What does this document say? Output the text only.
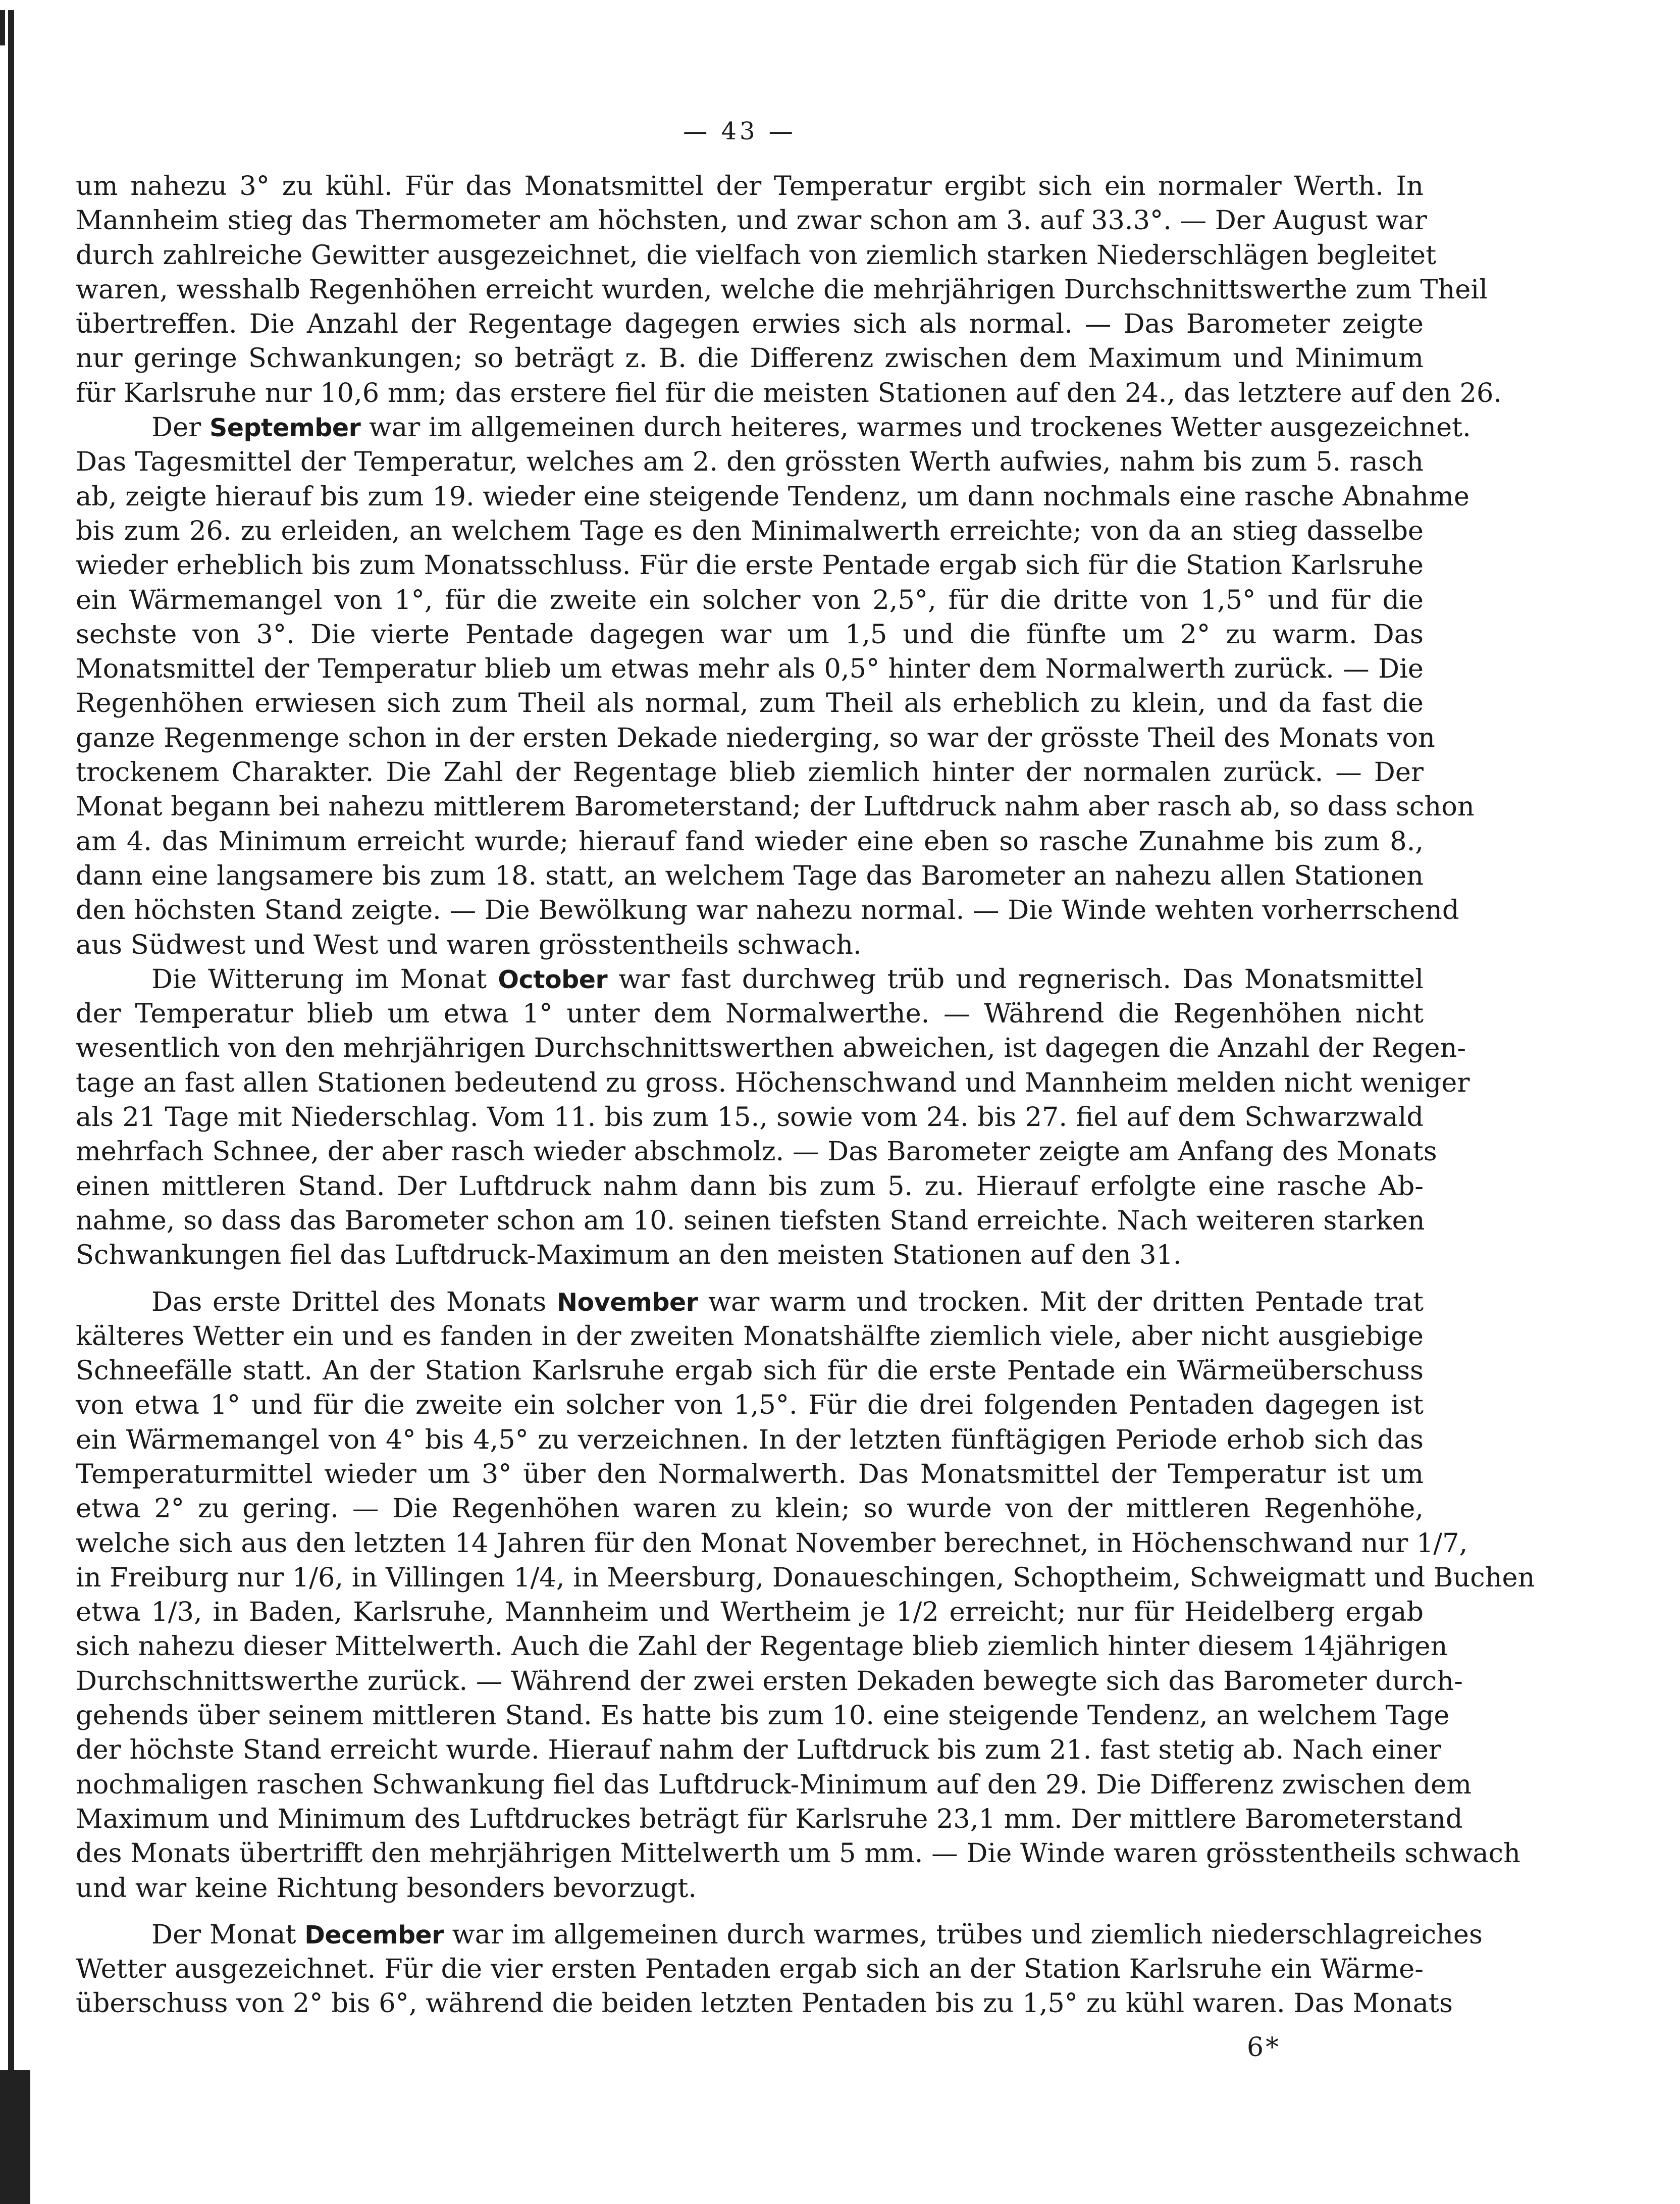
— 43 —
um nahezu 3° zu kühl. Für das Monatsmittel der Temperatur ergibt sich ein normaler Werth. In
Mannheim stieg das Thermometer am höchsten, und zwar schon am 3. auf 33.3°. — Der August war
durch zahlreiche Gewitter ausgezeichnet, die vielfach von ziemlich starken Niederschlägen begleitet
waren, wesshalb Regenhöhen erreicht wurden, welche die mehrjährigen Durchschnittswerthe zum Theil
übertreffen. Die Anzahl der Regentage dagegen erwies sich als normal. — Das Barometer zeigte
nur geringe Schwankungen; so beträgt z. B. die Differenz zwischen dem Maximum und Minimum
für Karlsruhe nur 10,6 mm; das erstere fiel für die meisten Stationen auf den 24., das letztere auf den 26.
Der September war im allgemeinen durch heiteres, warmes und trockenes Wetter ausgezeichnet.
Das Tagesmittel der Temperatur, welches am 2. den grössten Werth aufwies, nahm bis zum 5. rasch
ab, zeigte hierauf bis zum 19. wieder eine steigende Tendenz, um dann nochmals eine rasche Abnahme
bis zum 26. zu erleiden, an welchem Tage es den Minimalwerth erreichte; von da an stieg dasselbe
wieder erheblich bis zum Monatsschluss. Für die erste Pentade ergab sich für die Station Karlsruhe
ein Wärmemangel von 1°, für die zweite ein solcher von 2,5°, für die dritte von 1,5° und für die
sechste von 3°. Die vierte Pentade dagegen war um 1,5 und die fünfte um 2° zu warm. Das
Monatsmittel der Temperatur blieb um etwas mehr als 0,5° hinter dem Normalwerth zurück. — Die
Regenhöhen erwiesen sich zum Theil als normal, zum Theil als erheblich zu klein, und da fast die
ganze Regenmenge schon in der ersten Dekade niederging, so war der grösste Theil des Monats von
trockenem Charakter. Die Zahl der Regentage blieb ziemlich hinter der normalen zurück. — Der
Monat begann bei nahezu mittlerem Barometerstand; der Luftdruck nahm aber rasch ab, so dass schon
am 4. das Minimum erreicht wurde; hierauf fand wieder eine eben so rasche Zunahme bis zum 8.,
dann eine langsamere bis zum 18. statt, an welchem Tage das Barometer an nahezu allen Stationen
den höchsten Stand zeigte. — Die Bewölkung war nahezu normal. — Die Winde wehten vorherrschend
aus Südwest und West und waren grösstentheils schwach.
Die Witterung im Monat October war fast durchweg trüb und regnerisch. Das Monatsmittel
der Temperatur blieb um etwa 1° unter dem Normalwerthe. — Während die Regenhöhen nicht
wesentlich von den mehrjährigen Durchschnittswerthen abweichen, ist dagegen die Anzahl der Regen-
tage an fast allen Stationen bedeutend zu gross. Höchenschwand und Mannheim melden nicht weniger
als 21 Tage mit Niederschlag. Vom 11. bis zum 15., sowie vom 24. bis 27. fiel auf dem Schwarzwald
mehrfach Schnee, der aber rasch wieder abschmolz. — Das Barometer zeigte am Anfang des Monats
einen mittleren Stand. Der Luftdruck nahm dann bis zum 5. zu. Hierauf erfolgte eine rasche Ab-
nahme, so dass das Barometer schon am 10. seinen tiefsten Stand erreichte. Nach weiteren starken
Schwankungen fiel das Luftdruck-Maximum an den meisten Stationen auf den 31.
Das erste Drittel des Monats November war warm und trocken. Mit der dritten Pentade trat
kälteres Wetter ein und es fanden in der zweiten Monatshälfte ziemlich viele, aber nicht ausgiebige
Schneefälle statt. An der Station Karlsruhe ergab sich für die erste Pentade ein Wärmeüberschuss
von etwa 1° und für die zweite ein solcher von 1,5°. Für die drei folgenden Pentaden dagegen ist
ein Wärmemangel von 4° bis 4,5° zu verzeichnen. In der letzten fünftägigen Periode erhob sich das
Temperaturmittel wieder um 3° über den Normalwerth. Das Monatsmittel der Temperatur ist um
etwa 2° zu gering. — Die Regenhöhen waren zu klein; so wurde von der mittleren Regenhöhe,
welche sich aus den letzten 14 Jahren für den Monat November berechnet, in Höchenschwand nur 1/7,
in Freiburg nur 1/6, in Villingen 1/4, in Meersburg, Donaueschingen, Schoptheim, Schweigmatt und Buchen
etwa 1/3, in Baden, Karlsruhe, Mannheim und Wertheim je 1/2 erreicht; nur für Heidelberg ergab
sich nahezu dieser Mittelwerth. Auch die Zahl der Regentage blieb ziemlich hinter diesem 14jährigen
Durchschnittswerthe zurück. — Während der zwei ersten Dekaden bewegte sich das Barometer durch-
gehends über seinem mittleren Stand. Es hatte bis zum 10. eine steigende Tendenz, an welchem Tage
der höchste Stand erreicht wurde. Hierauf nahm der Luftdruck bis zum 21. fast stetig ab. Nach einer
nochmaligen raschen Schwankung fiel das Luftdruck-Minimum auf den 29. Die Differenz zwischen dem
Maximum und Minimum des Luftdruckes beträgt für Karlsruhe 23,1 mm. Der mittlere Barometerstand
des Monats übertrifft den mehrjährigen Mittelwerth um 5 mm. — Die Winde waren grösstentheils schwach
und war keine Richtung besonders bevorzugt.
Der Monat December war im allgemeinen durch warmes, trübes und ziemlich niederschlagreiches
Wetter ausgezeichnet. Für die vier ersten Pentaden ergab sich an der Station Karlsruhe ein Wärme-
überschuss von 2° bis 6°, während die beiden letzten Pentaden bis zu 1,5° zu kühl waren. Das Monats
6*
